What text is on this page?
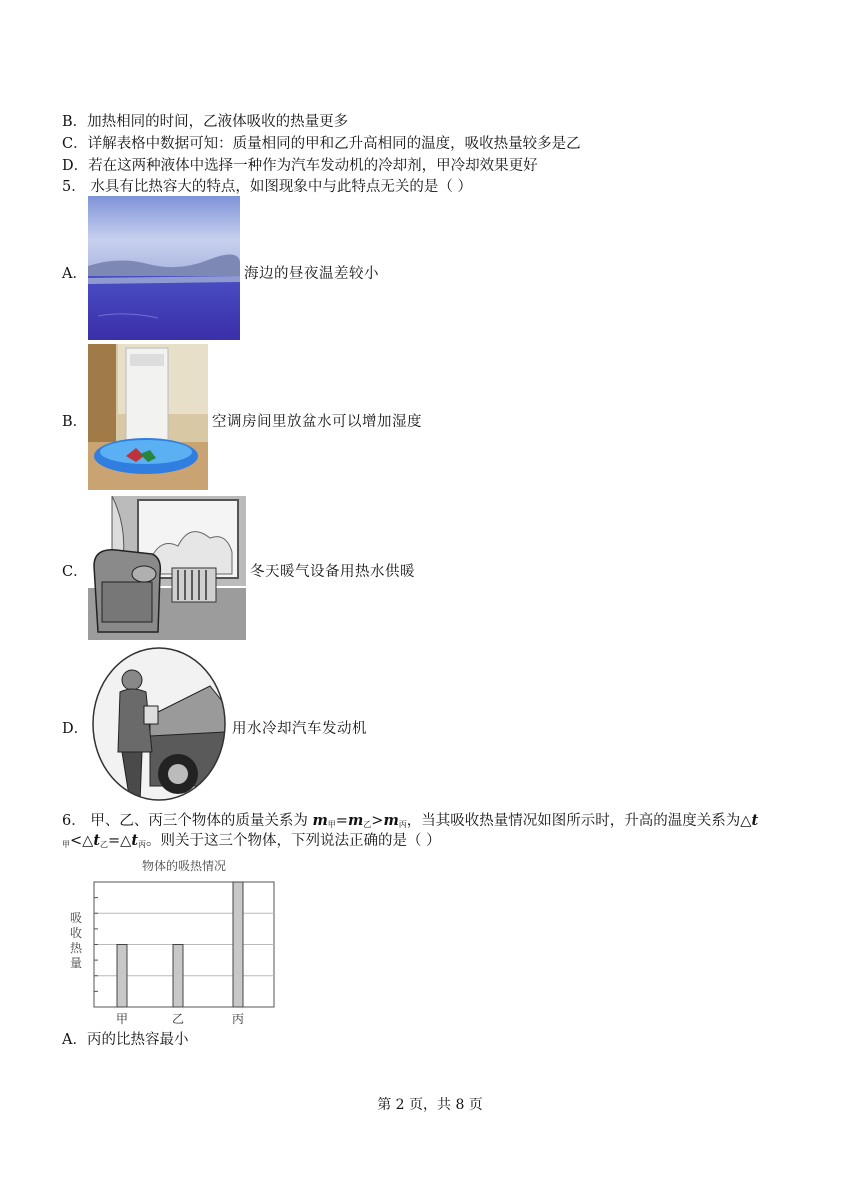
B．加热相同的时间，乙液体吸收的热量更多
C．详解表格中数据可知：质量相同的甲和乙升高相同的温度，吸收热量较多是乙
D．若在这两种液体中选择一种作为汽车发动机的冷却剂，甲冷却效果更好
5． 水具有比热容大的特点，如图现象中与此特点无关的是（ ）
A．	海边的昼夜温差较小
B．	空调房间里放盆水可以增加湿度
C．	冬天暖气设备用热水供暖
D．	用水冷却汽车发动机
6． 甲、乙、丙三个物体的质量关系为 $m_甲=m_乙>m_丙$，当其吸收热量情况如图所示时，升高的温度关系为△t
$_甲<\triangle t_乙=\triangle t_丙$。则关于这三个物体，下列说法正确的是（ ）
物体的吸热情况
吸
收
热
量
甲	乙	丙
A．丙的比热容最小
第 2 页，共 8 页
